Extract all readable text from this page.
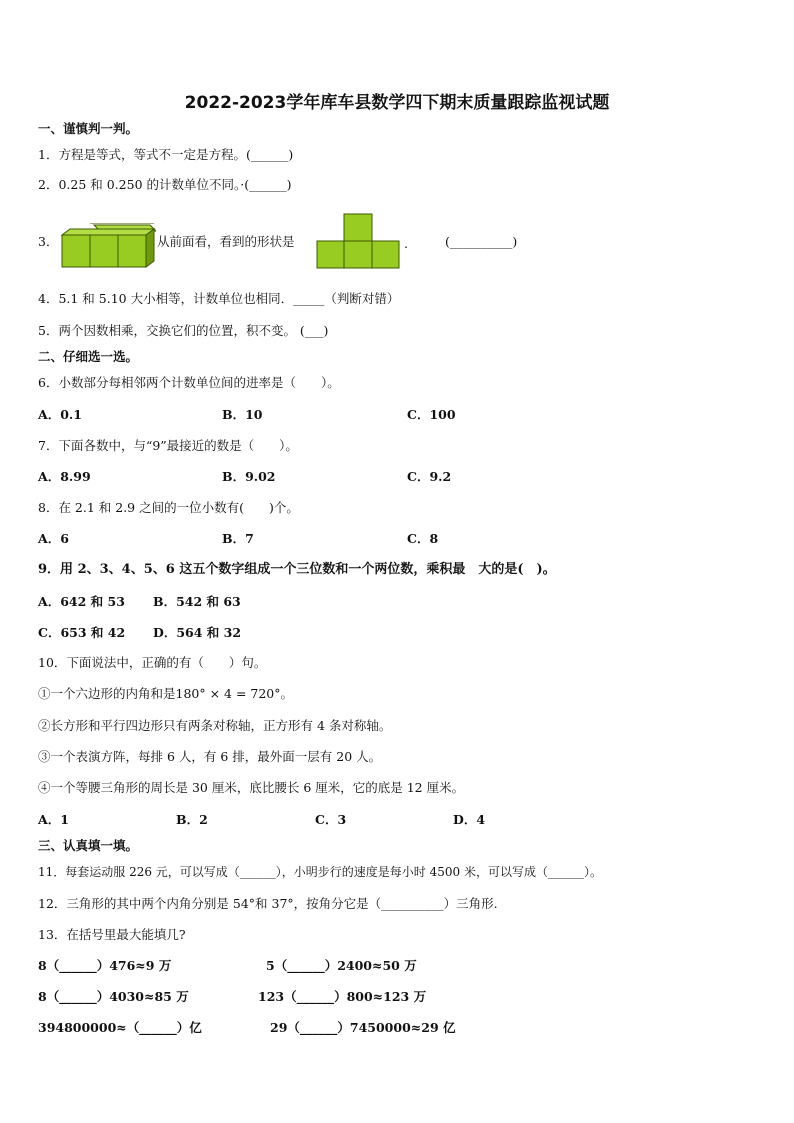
2022-2023学年库车县数学四下期末质量跟踪监视试题
一、谨慎判一判。
1．方程是等式，等式不一定是方程。(______)
2．0.25 和 0.250 的计数单位不同。·(______)
3．	从前面看，看到的形状是	.	(__________)
4．5.1 和 5.10 大小相等，计数单位也相同．_____（判断对错）
5．两个因数相乘，交换它们的位置，积不变。 (___)
二、仔细选一选。
6．小数部分每相邻两个计数单位间的进率是（　　）。
A．0.1	B．10	C．100
7．下面各数中，与“9”最接近的数是（　　）。
A．8.99	B．9.02	C．9.2
8．在 2.1 和 2.9 之间的一位小数有(　　)个。
A．6	B．7	C．8
9．用 2、3、4、5、6 这五个数字组成一个三位数和一个两位数，乘积最　大的是(　)。
A．642 和 53 B．542 和 63
C．653 和 42 D．564 和 32
10．下面说法中，正确的有（　　）句。
①一个六边形的内角和是180° × 4 = 720°。
②长方形和平行四边形只有两条对称轴，正方形有 4 条对称轴。
③一个表演方阵，每排 6 人，有 6 排，最外面一层有 20 人。
④一个等腰三角形的周长是 30 厘米，底比腰长 6 厘米，它的底是 12 厘米。
A．1	B．2	C．3	D．4
三、认真填一填。
11．每套运动服 226 元，可以写成（______），小明步行的速度是每小时 4500 米，可以写成（______）。
12．三角形的其中两个内角分别是 54°和 37°，按角分它是（__________）三角形.
13．在括号里最大能填几?
8（______）476≈9 万	5（______）2400≈50 万
8（______）4030≈85 万	123（______）800≈123 万
394800000≈（______）亿	29（______）7450000≈29 亿
